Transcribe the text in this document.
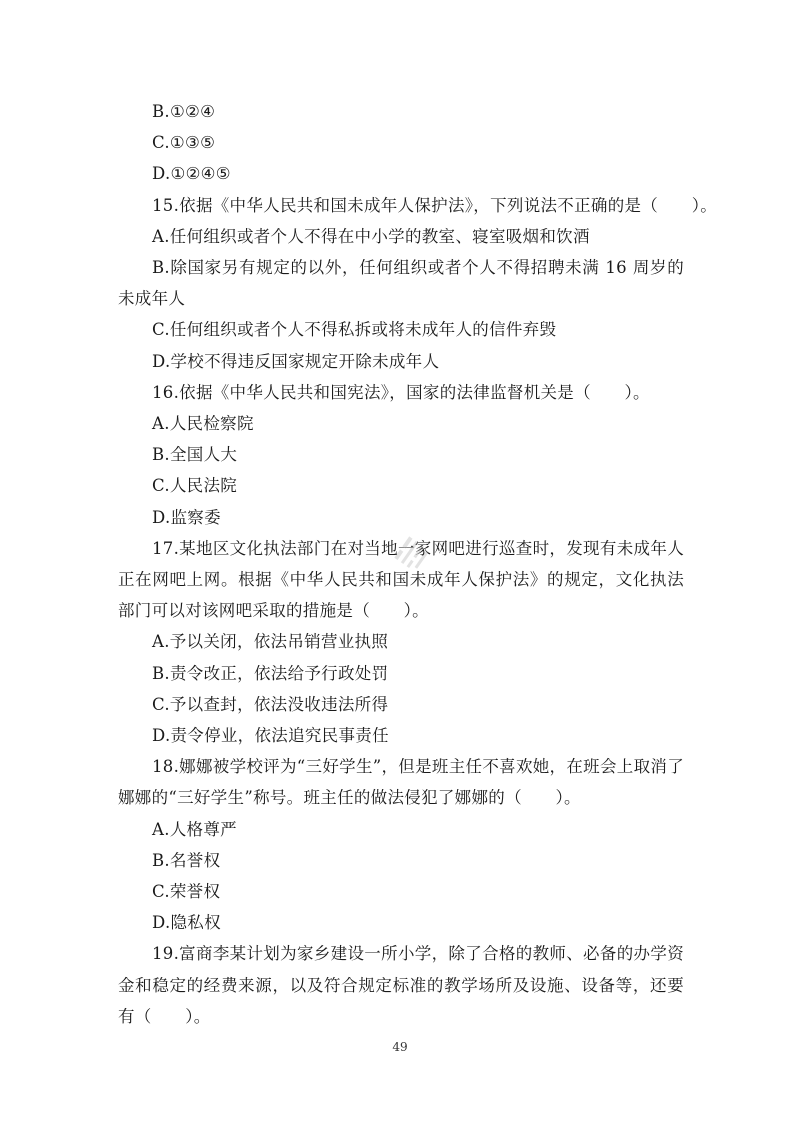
B.①②④
C.①③⑤
D.①②④⑤
15.依据《中华人民共和国未成年人保护法》，下列说法不正确的是（　　）。
A.任何组织或者个人不得在中小学的教室、寝室吸烟和饮酒
B.除国家另有规定的以外，任何组织或者个人不得招聘未满 16 周岁的未成年人
C.任何组织或者个人不得私拆或将未成年人的信件弃毁
D.学校不得违反国家规定开除未成年人
16.依据《中华人民共和国宪法》，国家的法律监督机关是（　　）。
A.人民检察院
B.全国人大
C.人民法院
D.监察委
17.某地区文化执法部门在对当地一家网吧进行巡查时，发现有未成年人正在网吧上网。根据《中华人民共和国未成年人保护法》的规定，文化执法部门可以对该网吧采取的措施是（　　）。
A.予以关闭，依法吊销营业执照
B.责令改正，依法给予行政处罚
C.予以查封，依法没收违法所得
D.责令停业，依法追究民事责任
18.娜娜被学校评为“三好学生”，但是班主任不喜欢她，在班会上取消了娜娜的“三好学生”称号。班主任的做法侵犯了娜娜的（　　）。
A.人格尊严
B.名誉权
C.荣誉权
D.隐私权
19.富商李某计划为家乡建设一所小学，除了合格的教师、必备的办学资金和稳定的经费来源，以及符合规定标准的教学场所及设施、设备等，还要有（　　）。
49
